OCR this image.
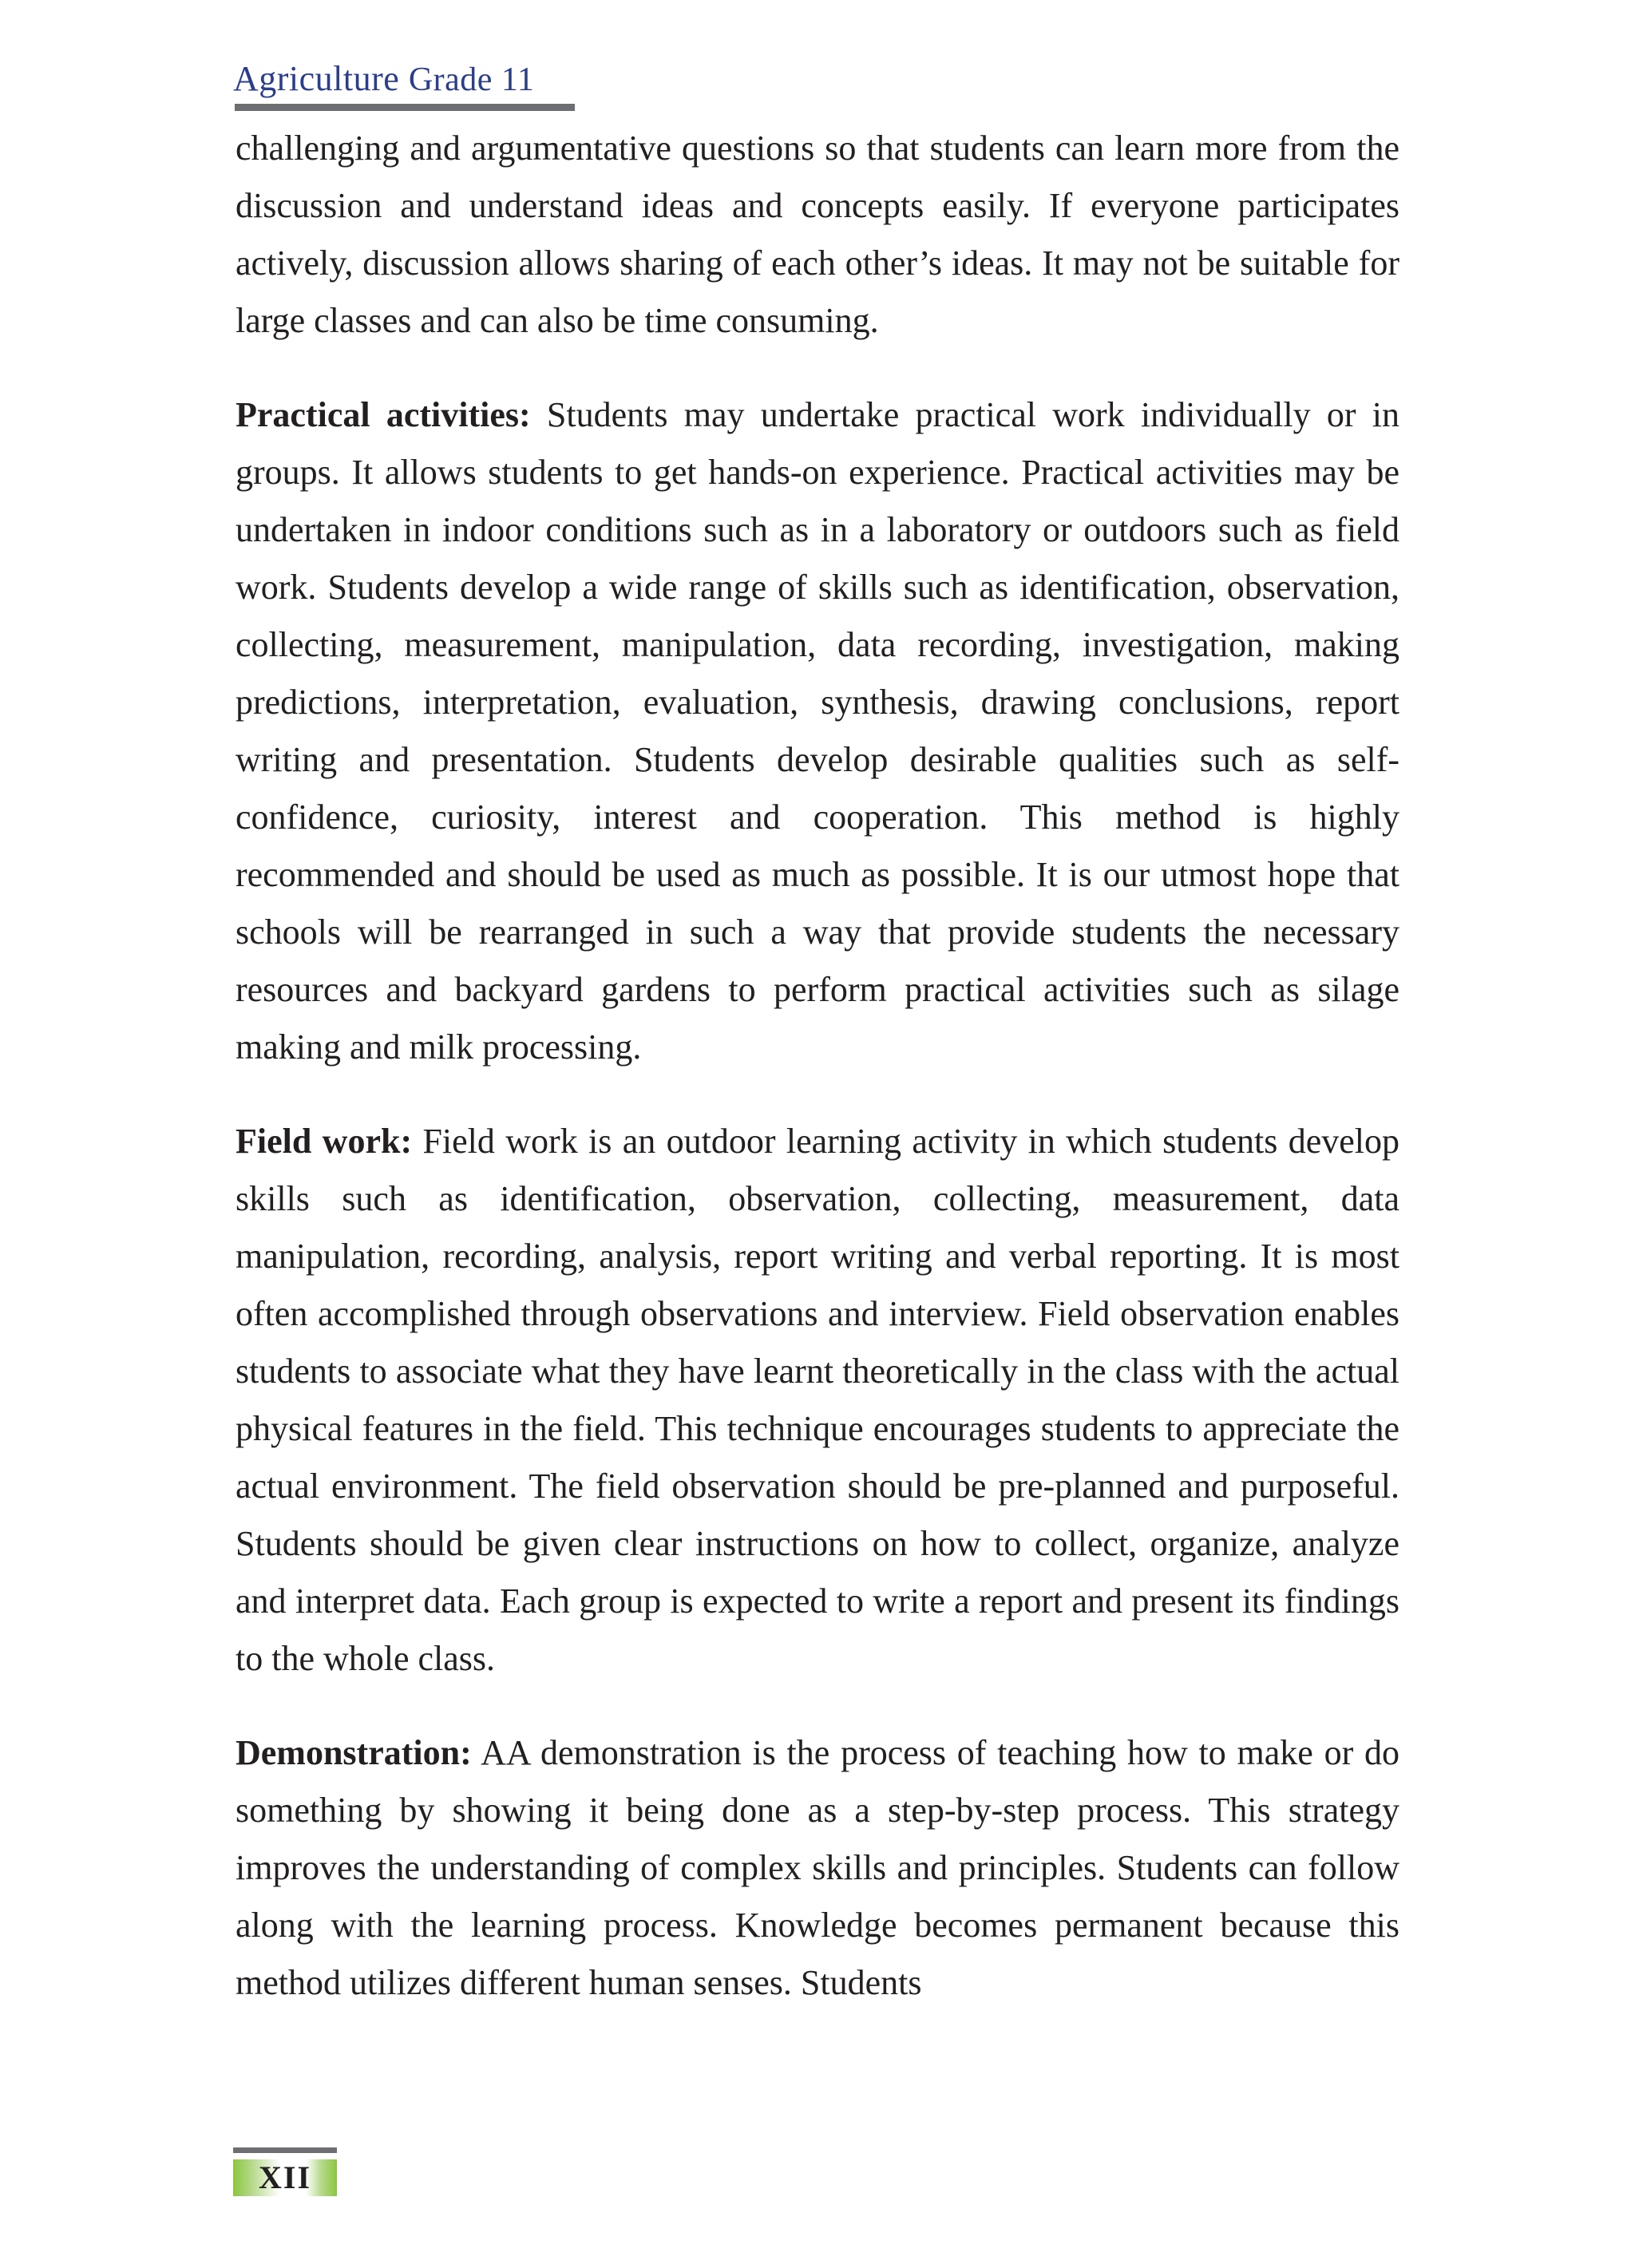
Agriculture Grade 11

challenging and argumentative questions so that students can learn more from the discussion and understand ideas and concepts easily. If everyone participates actively, discussion allows sharing of each other’s ideas. It may not be suitable for large classes and can also be time consuming.

Practical activities: Students may undertake practical work individually or in groups. It allows students to get hands-on experience. Practical activities may be undertaken in indoor conditions such as in a laboratory or outdoors such as field work. Students develop a wide range of skills such as identification, observation, collecting, measurement, manipulation, data recording, investigation, making predictions, interpretation, evaluation, synthesis, drawing conclusions, report writing and presentation. Students develop desirable qualities such as self-confidence, curiosity, interest and cooperation. This method is highly recommended and should be used as much as possible. It is our utmost hope that schools will be rearranged in such a way that provide students the necessary resources and backyard gardens to perform practical activities such as silage making and milk processing.

Field work: Field work is an outdoor learning activity in which students develop skills such as identification, observation, collecting, measurement, data manipulation, recording, analysis, report writing and verbal reporting. It is most often accomplished through observations and interview. Field observation enables students to associate what they have learnt theoretically in the class with the actual physical features in the field. This technique encourages students to appreciate the actual environment. The field observation should be pre-planned and purposeful. Students should be given clear instructions on how to collect, organize, analyze and interpret data. Each group is expected to write a report and present its findings to the whole class.

Demonstration: AA demonstration is the process of teaching how to make or do something by showing it being done as a step-by-step process. This strategy improves the understanding of complex skills and principles. Students can follow along with the learning process. Knowledge becomes permanent because this method utilizes different human senses. Students

XII
